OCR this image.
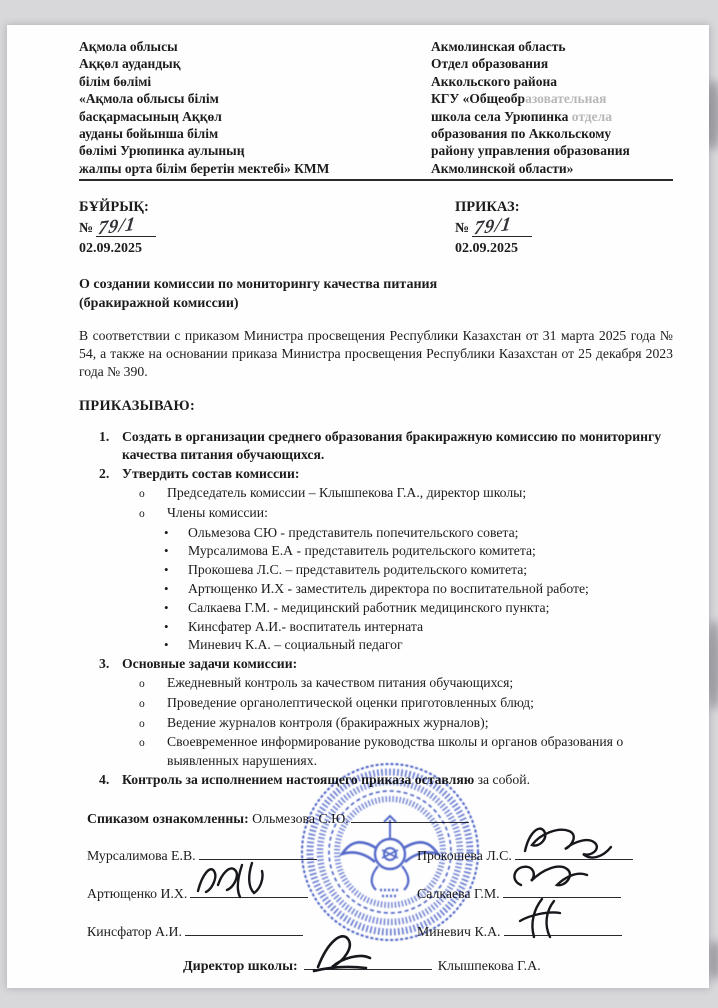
Ақмола облысы
Аққөл аудандық
білім бөлімі
«Ақмола облысы білім
басқармасының Аққөл
ауданы бойынша білім
бөлімі Урюпинка аулының
жалпы орта білім беретін мектебі» КММ
Акмолинская область
Отдел образования
Аккольского района
КГУ «Общеобразовательная
школа села Урюпинка отдела
образования по Аккольскому
району управления образования
Акмолинской области»
БҰЙРЫҚ:
№ 79/1
02.09.2025
ПРИКАЗ:
№ 79/1
02.09.2025
О создании комиссии по мониторингу качества питания
(бракиражной комиссии)

В соответствии с приказом Министра просвещения Республики Казахстан от 31 марта 2025 года № 54, а также на основании приказа Министра просвещения Республики Казахстан от 25 декабря 2023 года № 390.

ПРИКАЗЫВАЮ:
1. Создать в организации среднего образования бракиражную комиссию по мониторингу качества питания обучающихся.
2. Утвердить состав комиссии:
o	Председатель комиссии – Клышпекова Г.А., директор школы;
o	Члены комиссии:
•	Ольмезова СЮ - представитель попечительского совета;
•	Мурсалимова Е.А - представитель родительского комитета;
•	Прокошева Л.С. – представитель родительского комитета;
•	Артющенко И.Х - заместитель директора по воспитательной работе;
•	Салкаева Г.М. - медицинский работник медицинского пункта;
•	Кинсфатер А.И.- воспитатель интерната
•	Миневич К.А. – социальный педагог
3. Основные задачи комиссии:
o	Ежедневный контроль за качеством питания обучающихся;
o	Проведение органолептической оценки приготовленных блюд;
o	Ведение журналов контроля (бракиражных журналов);
o	Своевременное информирование руководства школы и органов образования о выявленных нарушениях.
4. Контроль за исполнением настоящего приказа оставляю за собой.
Спиказом ознакомленны: Ольмезова С.Ю.
Мурсалимова Е.В.	Прокошева Л.С.
Артющенко И.Х.	Салкаева Г.М.
Кинсфатор А.И.	Миневич К.А.
Директор школы:	Клышпекова Г.А.
